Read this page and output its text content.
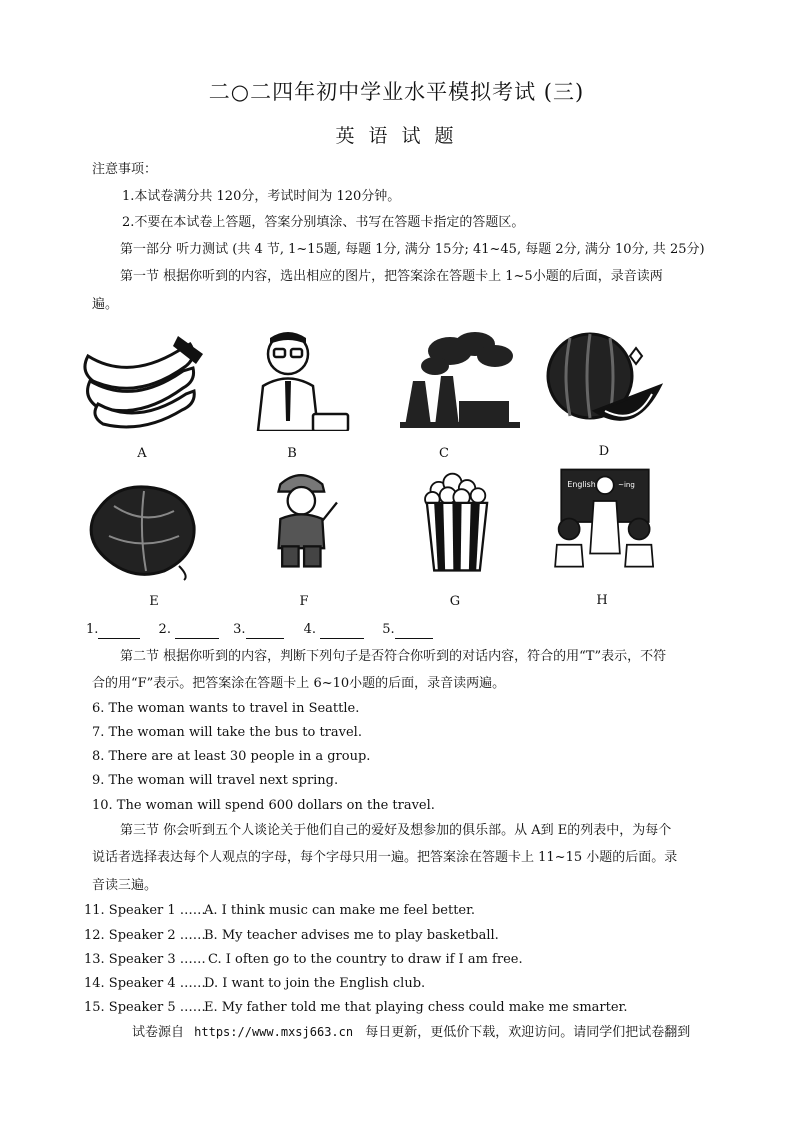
二○二四年初中学业水平模拟考试 (三)
英 语 试 题
注意事项：
1.本试卷满分共 120分，考试时间为 120分钟。
2.不要在本试卷上答题，答案分别填涂、书写在答题卡指定的答题区。
第一部分 听力测试 (共 4 节, 1~15题, 每题 1分, 满分 15分; 41~45, 每题 2分, 满分 10分, 共 25分)
第一节 根据你听到的内容，选出相应的图片，把答案涂在答题卡上 1~5小题的后面，录音读两
遍。
A	B	C	D
E	F	G
English	~ing
H
1.	2.	3.	4.	5.
第二节 根据你听到的内容，判断下列句子是否符合你听到的对话内容，符合的用“T”表示，不符
合的用“F”表示。把答案涂在答题卡上 6~10小题的后面，录音读两遍。
6. The woman wants to travel in Seattle.
7. The woman will take the bus to travel.
8. There are at least 30 people in a group.
9. The woman will travel next spring.
10. The woman will spend 600 dollars on the travel.
第三节 你会听到五个人谈论关于他们自己的爱好及想参加的俱乐部。从 A到 E的列表中，为每个
说话者选择表达每个人观点的字母，每个字母只用一遍。把答案涂在答题卡上 11~15 小题的后面。录
音读三遍。
11. Speaker 1 ……
A. I think music can make me feel better.
12. Speaker 2 ……
B. My teacher advises me to play basketball.
13. Speaker 3 …… C. I often go to the country to draw if I am free.
14. Speaker 4 ……
D. I want to join the English club.
15. Speaker 5 ……
E. My father told me that playing chess could make me smarter.
试卷源自 https://www.mxsj663.cn 每日更新，更低价下载，欢迎访问。请同学们把试卷翻到
